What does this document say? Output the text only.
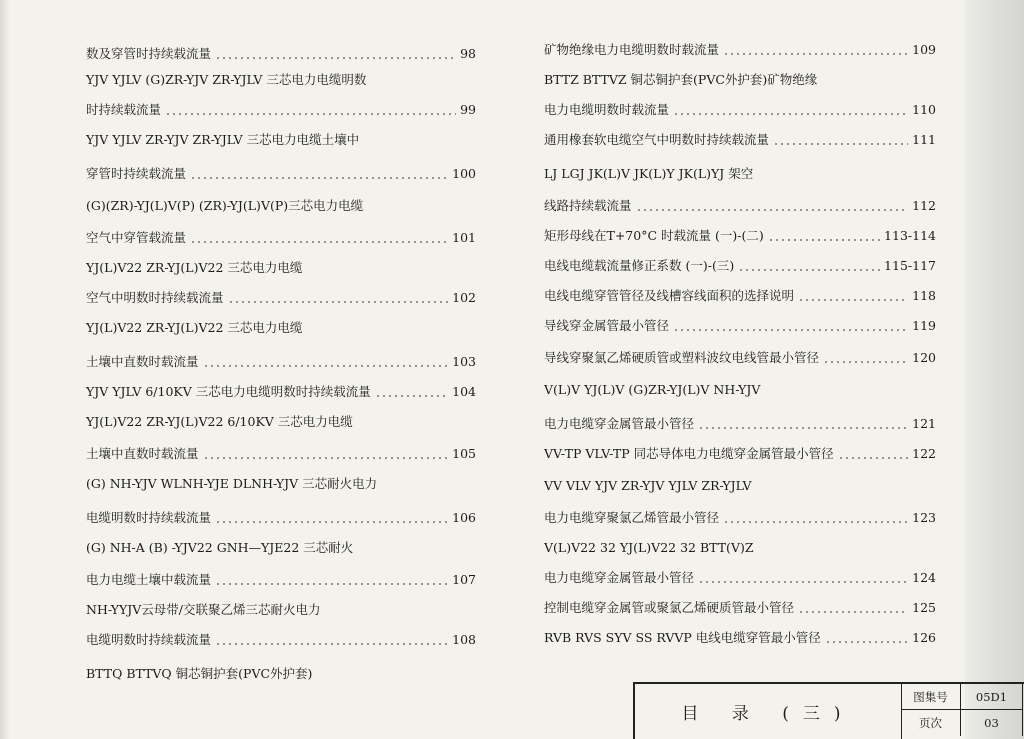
数及穿管时持续载流量	98
YJV YJLV (G)ZR-YJV ZR-YJLV 三芯电力电缆明数
时持续载流量	99
YJV YJLV ZR-YJV ZR-YJLV 三芯电力电缆土壤中
穿管时持续载流量	100
(G)(ZR)-YJ(L)V(P) (ZR)-YJ(L)V(P)三芯电力电缆
空气中穿管载流量	101
YJ(L)V22 ZR-YJ(L)V22 三芯电力电缆
空气中明数时持续载流量	102
YJ(L)V22 ZR-YJ(L)V22 三芯电力电缆
土壤中直数时载流量	103
YJV YJLV 6/10KV 三芯电力电缆明数时持续载流量	104
YJ(L)V22 ZR-YJ(L)V22 6/10KV 三芯电力电缆
土壤中直数时载流量	105
(G) NH-YJV WLNH-YJE DLNH-YJV 三芯耐火电力
电缆明数时持续载流量	106
(G) NH-A (B) -YJV22 GNH—YJE22 三芯耐火
电力电缆土壤中载流量	107
NH-YYJV云母带/交联聚乙烯三芯耐火电力
电缆明数时持续载流量	108
BTTQ BTTVQ 铜芯铜护套(PVC外护套)
矿物绝缘电力电缆明数时载流量	109
BTTZ BTTVZ 铜芯铜护套(PVC外护套)矿物绝缘
电力电缆明数时载流量	110
通用橡套软电缆空气中明数时持续载流量	111
LJ LGJ JK(L)V JK(L)Y JK(L)YJ 架空
线路持续载流量	112
矩形母线在T+70°C 时载流量 (一)-(二)	113-114
电线电缆载流量修正系数 (一)-(三)	115-117
电线电缆穿管管径及线槽容线面积的选择说明	118
导线穿金属管最小管径	119
导线穿聚氯乙烯硬质管或塑料波纹电线管最小管径	120
V(L)V YJ(L)V (G)ZR-YJ(L)V NH-YJV
电力电缆穿金属管最小管径	121
VV-TP VLV-TP 同芯导体电力电缆穿金属管最小管径	122
VV VLV YJV ZR-YJV YJLV ZR-YJLV
电力电缆穿聚氯乙烯管最小管径	123
V(L)V22 32 YJ(L)V22 32 BTT(V)Z
电力电缆穿金属管最小管径	124
控制电缆穿金属管或聚氯乙烯硬质管最小管径	125
RVB RVS SYV SS RVVP 电线电缆穿管最小管径	126
目 录 (三)
图集号	05D1
页次	03
